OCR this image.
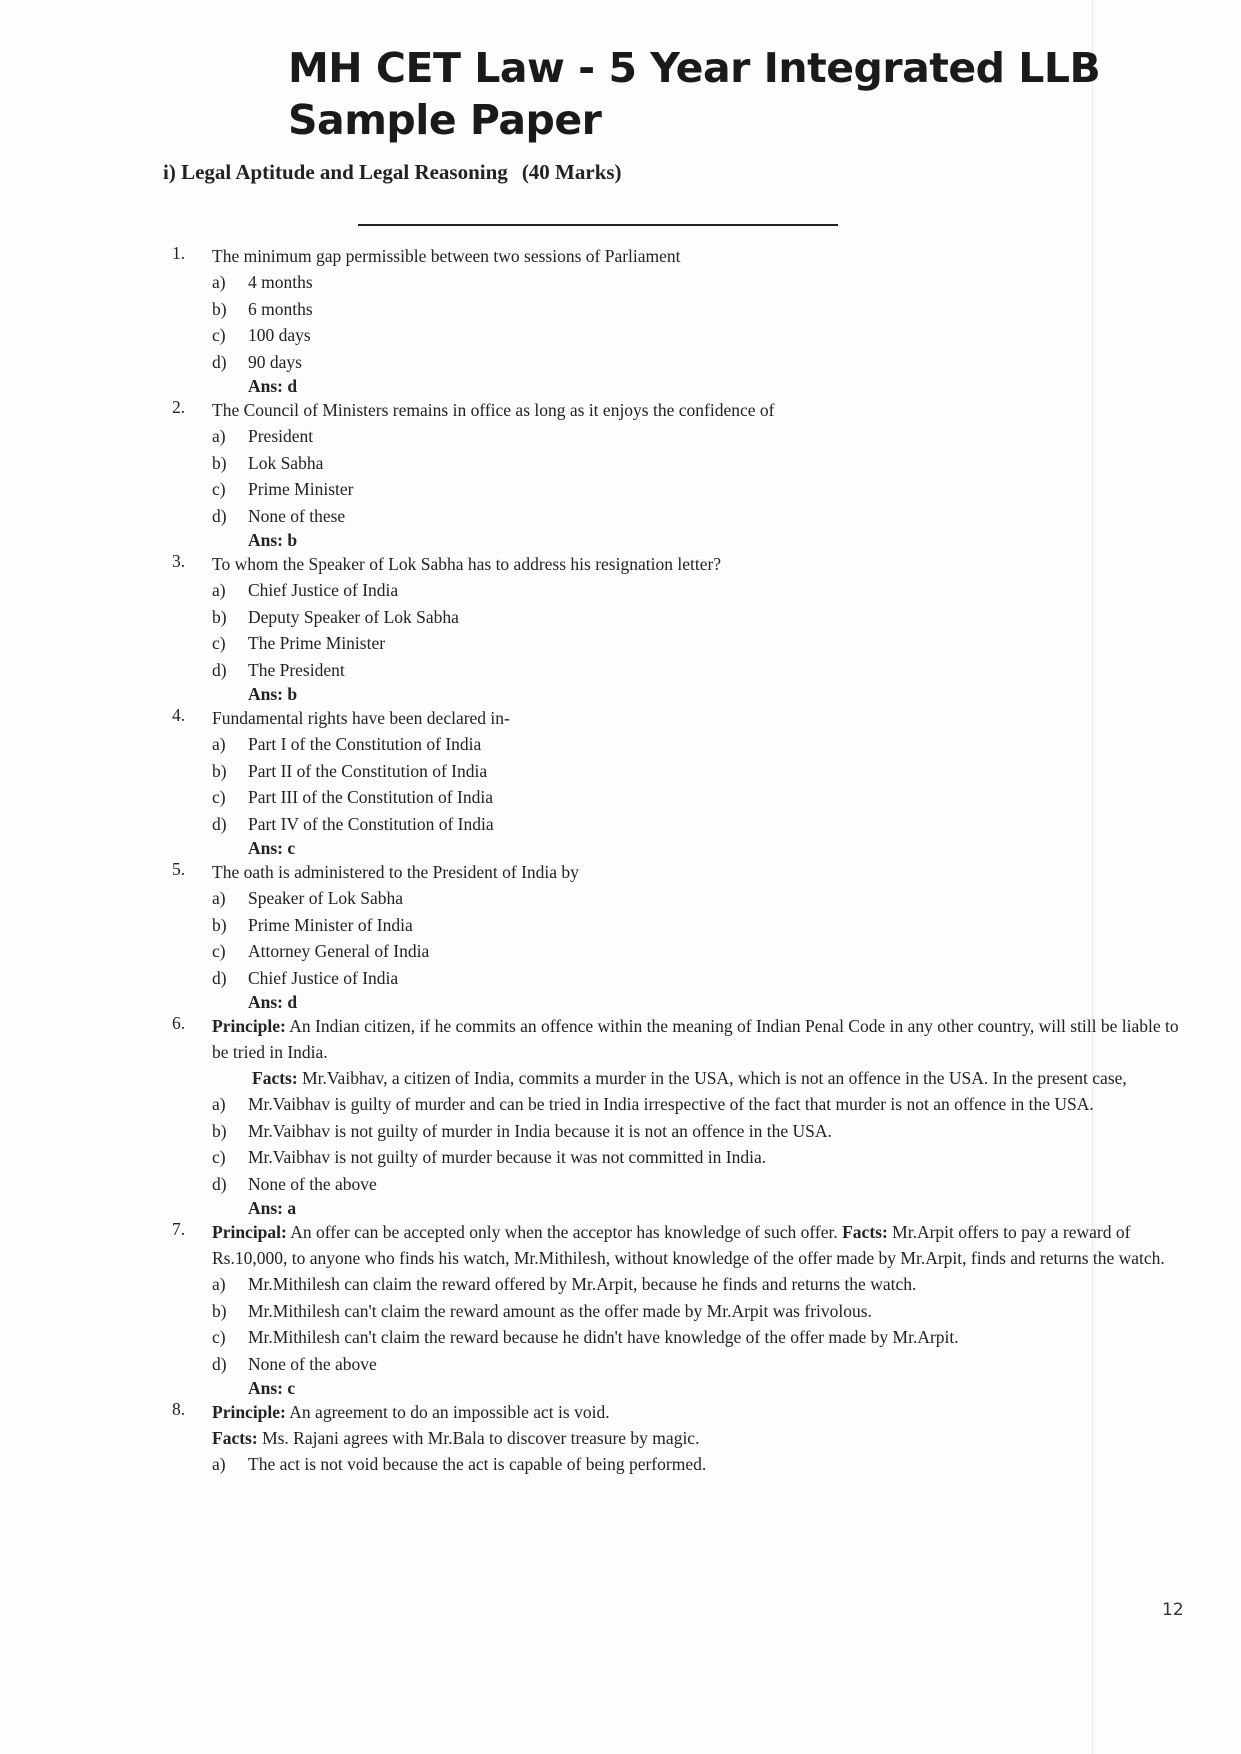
MH CET Law - 5 Year Integrated LLB Sample Paper
i) Legal Aptitude and Legal Reasoning (40 Marks)
1.	The minimum gap permissible between two sessions of Parliament
a)	4 months
b)	6 months
c)	100 days
d)	90 days
Ans: d
2.	The Council of Ministers remains in office as long as it enjoys the confidence of
a)	President
b)	Lok Sabha
c)	Prime Minister
d)	None of these
Ans: b
3.	To whom the Speaker of Lok Sabha has to address his resignation letter?
a)	Chief Justice of India
b)	Deputy Speaker of Lok Sabha
c)	The Prime Minister
d)	The President
Ans: b
4.	Fundamental rights have been declared in-
a)	Part I of the Constitution of India
b)	Part II of the Constitution of India
c)	Part III of the Constitution of India
d)	Part IV of the Constitution of India
Ans: c
5.	The oath is administered to the President of India by
a)	Speaker of Lok Sabha
b)	Prime Minister of India
c)	Attorney General of India
d)	Chief Justice of India
Ans: d
6.	Principle: An Indian citizen, if he commits an offence within the meaning of Indian Penal Code in any other country, will still be liable to be tried in India.
Facts: Mr.Vaibhav, a citizen of India, commits a murder in the USA, which is not an offence in the USA. In the present case,
a)	Mr.Vaibhav is guilty of murder and can be tried in India irrespective of the fact that murder is not an offence in the USA.
b)	Mr.Vaibhav is not guilty of murder in India because it is not an offence in the USA.
c)	Mr.Vaibhav is not guilty of murder because it was not committed in India.
d)	None of the above
Ans: a
7.	Principal: An offer can be accepted only when the acceptor has knowledge of such offer. Facts: Mr.Arpit offers to pay a reward of Rs.10,000, to anyone who finds his watch, Mr.Mithilesh, without knowledge of the offer made by Mr.Arpit, finds and returns the watch.
a)	Mr.Mithilesh can claim the reward offered by Mr.Arpit, because he finds and returns the watch.
b)	Mr.Mithilesh can't claim the reward amount as the offer made by Mr.Arpit was frivolous.
c)	Mr.Mithilesh can't claim the reward because he didn't have knowledge of the offer made by Mr.Arpit.
d)	None of the above
Ans: c
8.	Principle: An agreement to do an impossible act is void.
Facts: Ms. Rajani agrees with Mr.Bala to discover treasure by magic.
a)	The act is not void because the act is capable of being performed.
12
